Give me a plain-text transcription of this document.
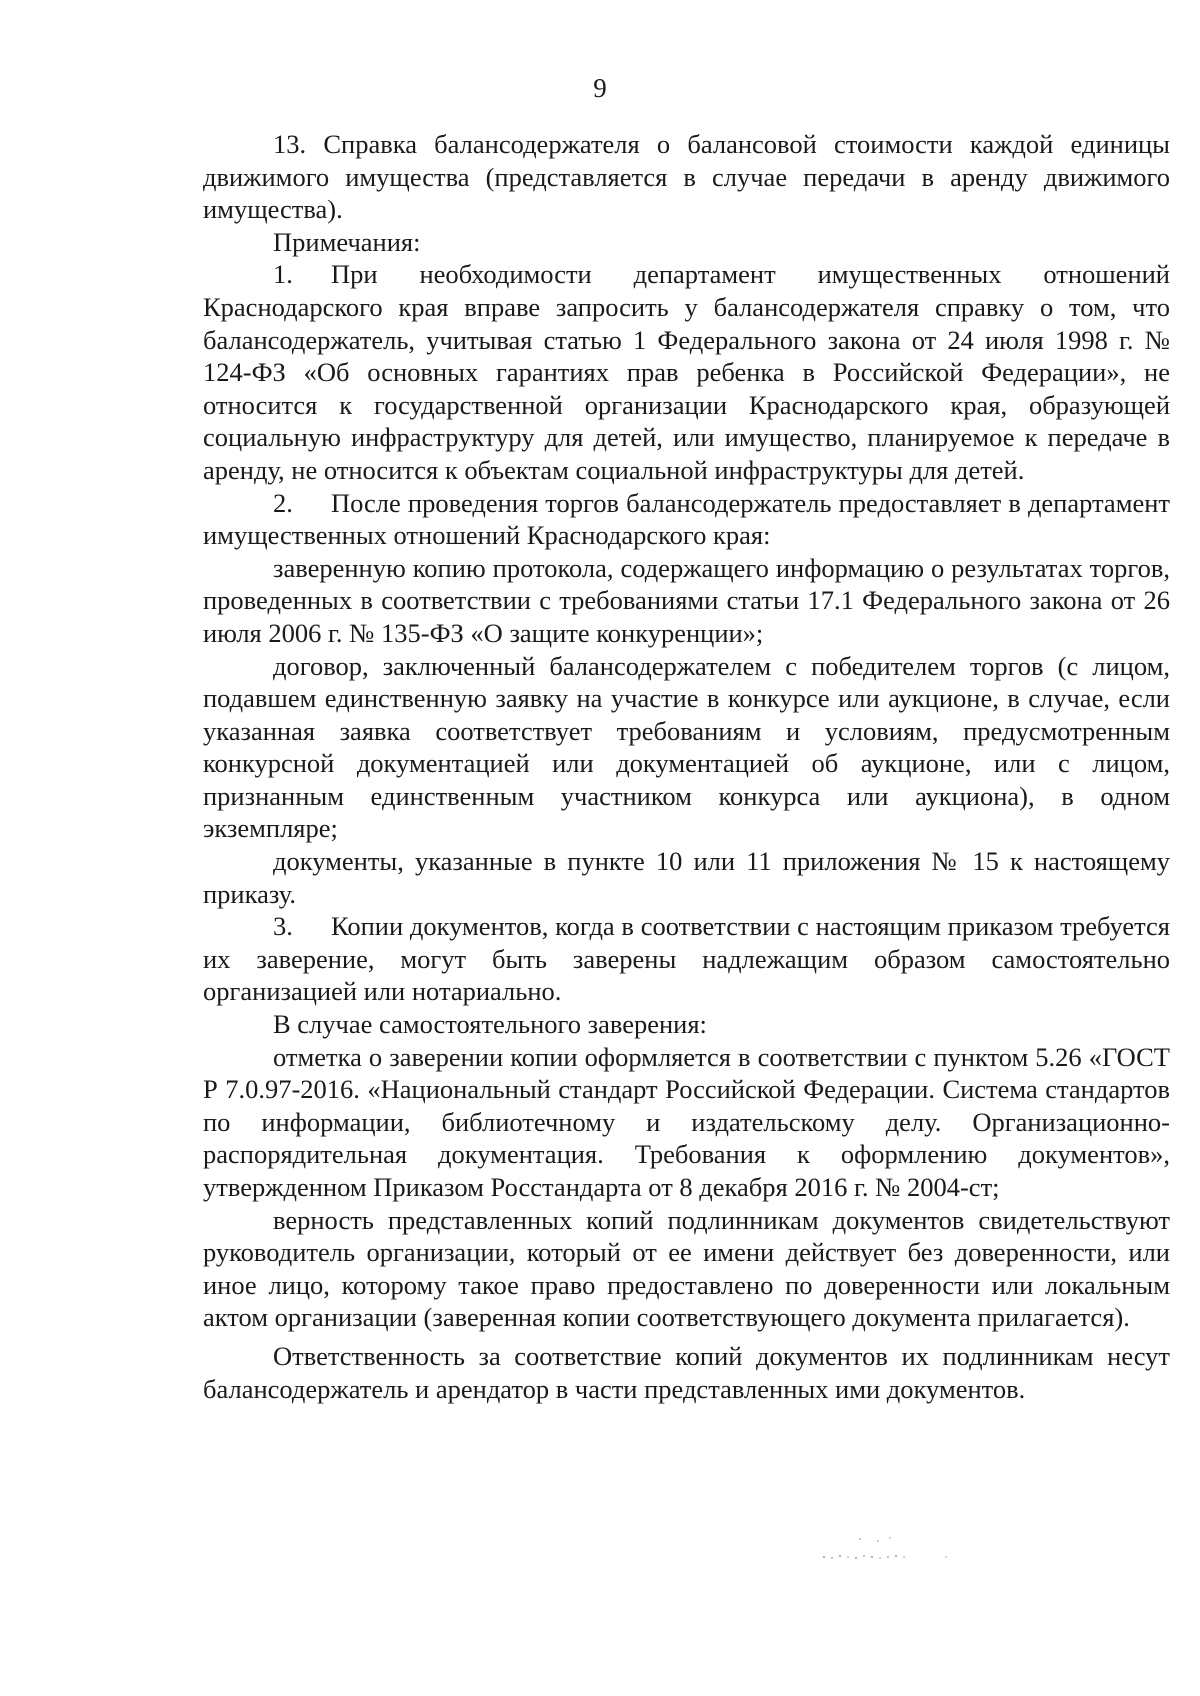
9

13. Справка балансодержателя о балансовой стоимости каждой единицы движимого имущества (представляется в случае передачи в аренду движимого имущества).

Примечания:

1. При необходимости департамент имущественных отношений Краснодарского края вправе запросить у балансодержателя справку о том, что балансодержатель, учитывая статью 1 Федерального закона от 24 июля 1998 г. № 124-ФЗ «Об основных гарантиях прав ребенка в Российской Федерации», не относится к государственной организации Краснодарского края, образующей социальную инфраструктуру для детей, или имущество, планируемое к передаче в аренду, не относится к объектам социальной инфраструктуры для детей.

2. После проведения торгов балансодержатель предоставляет в департамент имущественных отношений Краснодарского края:

заверенную копию протокола, содержащего информацию о результатах торгов, проведенных в соответствии с требованиями статьи 17.1 Федерального закона от 26 июля 2006 г. № 135-ФЗ «О защите конкуренции»;

договор, заключенный балансодержателем с победителем торгов (с лицом, подавшем единственную заявку на участие в конкурсе или аукционе, в случае, если указанная заявка соответствует требованиям и условиям, предусмотренным конкурсной документацией или документацией об аукционе, или с лицом, признанным единственным участником конкурса или аукциона), в одном экземпляре;

документы, указанные в пункте 10 или 11 приложения № 15 к настоящему приказу.

3. Копии документов, когда в соответствии с настоящим приказом требуется их заверение, могут быть заверены надлежащим образом самостоятельно организацией или нотариально.

В случае самостоятельного заверения:

отметка о заверении копии оформляется в соответствии с пунктом 5.26 «ГОСТ Р 7.0.97-2016. «Национальный стандарт Российской Федерации. Система стандартов по информации, библиотечному и издательскому делу. Организационно-распорядительная документация. Требования к оформлению документов», утвержденном Приказом Росстандарта от 8 декабря 2016 г. № 2004-ст;

верность представленных копий подлинникам документов свидетельствуют руководитель организации, который от ее имени действует без доверенности, или иное лицо, которому такое право предоставлено по доверенности или локальным актом организации (заверенная копии соответствующего документа прилагается).

Ответственность за соответствие копий документов их подлинникам несут балансодержатель и арендатор в части представленных ими документов.
